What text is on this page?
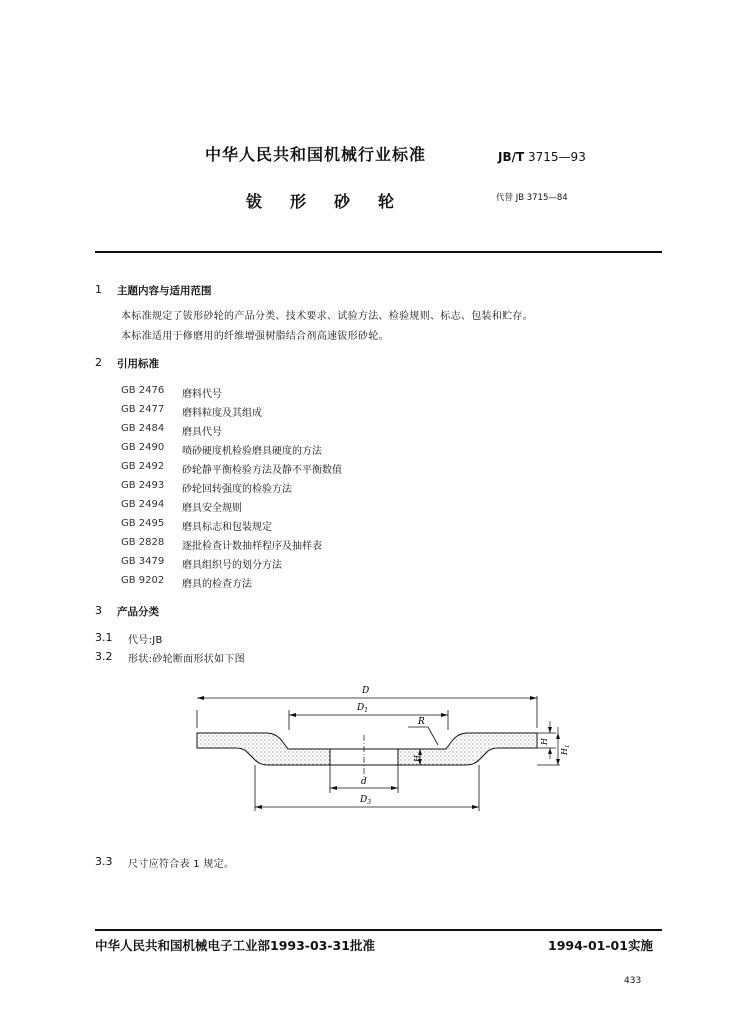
中华人民共和国机械行业标准	JB/T 3715—93
钹形砂轮	代替 JB 3715—84
1 主题内容与适用范围
本标准规定了钹形砂轮的产品分类、技术要求、试验方法、检验规则、标志、包装和贮存。
本标准适用于修磨用的纤维增强树脂结合剂高速钹形砂轮。
2 引用标准
GB 2476 磨料代号
GB 2477 磨料粒度及其组成
GB 2484 磨具代号
GB 2490 喷砂硬度机检验磨具硬度的方法
GB 2492 砂轮静平衡检验方法及静不平衡数值
GB 2493 砂轮回转强度的检验方法
GB 2494 磨具安全规则
GB 2495 磨具标志和包装规定
GB 2828 逐批检查计数抽样程序及抽样表
GB 3479 磨具组织号的划分方法
GB 9202 磨具的检查方法
3 产品分类
3.1 代号:JB
3.2 形状:砂轮断面形状如下图
D
$D_1$
R
H
$H_1$
H
d
$D_3$
3.3 尺寸应符合表 1 规定。
中华人民共和国机械电子工业部1993-03-31批准	1994-01-01实施
433
